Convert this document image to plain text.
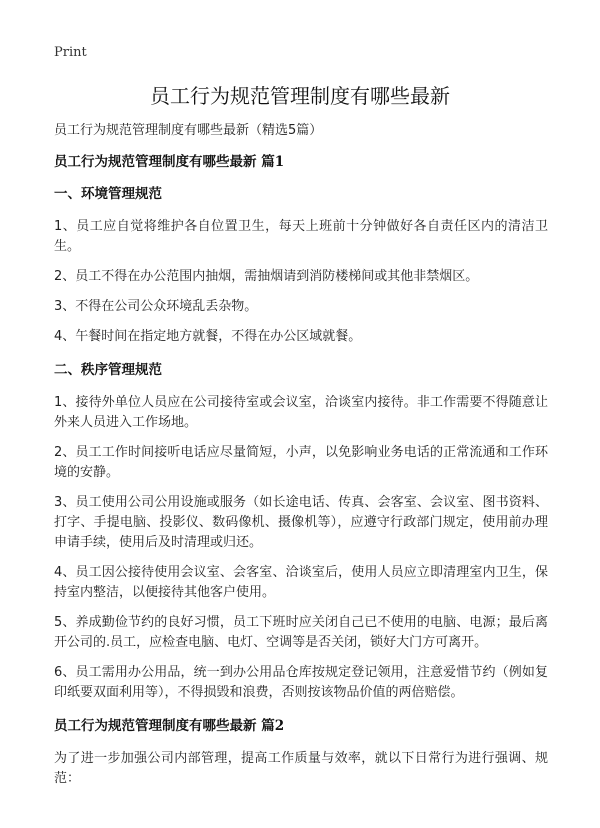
Print
员工行为规范管理制度有哪些最新

员工行为规范管理制度有哪些最新（精选5篇）

员工行为规范管理制度有哪些最新 篇1

一、环境管理规范

1、员工应自觉将维护各自位置卫生，每天上班前十分钟做好各自责任区内的清洁卫生。

2、员工不得在办公范围内抽烟，需抽烟请到消防楼梯间或其他非禁烟区。

3、不得在公司公众环境乱丢杂物。

4、午餐时间在指定地方就餐，不得在办公区域就餐。

二、秩序管理规范

1、接待外单位人员应在公司接待室或会议室，洽谈室内接待。非工作需要不得随意让外来人员进入工作场地。

2、员工工作时间接听电话应尽量简短，小声，以免影响业务电话的正常流通和工作环境的安静。

3、员工使用公司公用设施或服务（如长途电话、传真、会客室、会议室、图书资料、打字、手提电脑、投影仪、数码像机、摄像机等），应遵守行政部门规定，使用前办理申请手续，使用后及时清理或归还。

4、员工因公接待使用会议室、会客室、洽谈室后，使用人员应立即清理室内卫生，保持室内整洁，以便接待其他客户使用。

5、养成勤俭节约的良好习惯，员工下班时应关闭自己已不使用的电脑、电源；最后离开公司的.员工，应检查电脑、电灯、空调等是否关闭，锁好大门方可离开。

6、员工需用办公用品，统一到办公用品仓库按规定登记领用，注意爱惜节约（例如复印纸要双面利用等），不得损毁和浪费，否则按该物品价值的两倍赔偿。

员工行为规范管理制度有哪些最新 篇2

为了进一步加强公司内部管理，提高工作质量与效率，就以下日常行为进行强调、规范：
